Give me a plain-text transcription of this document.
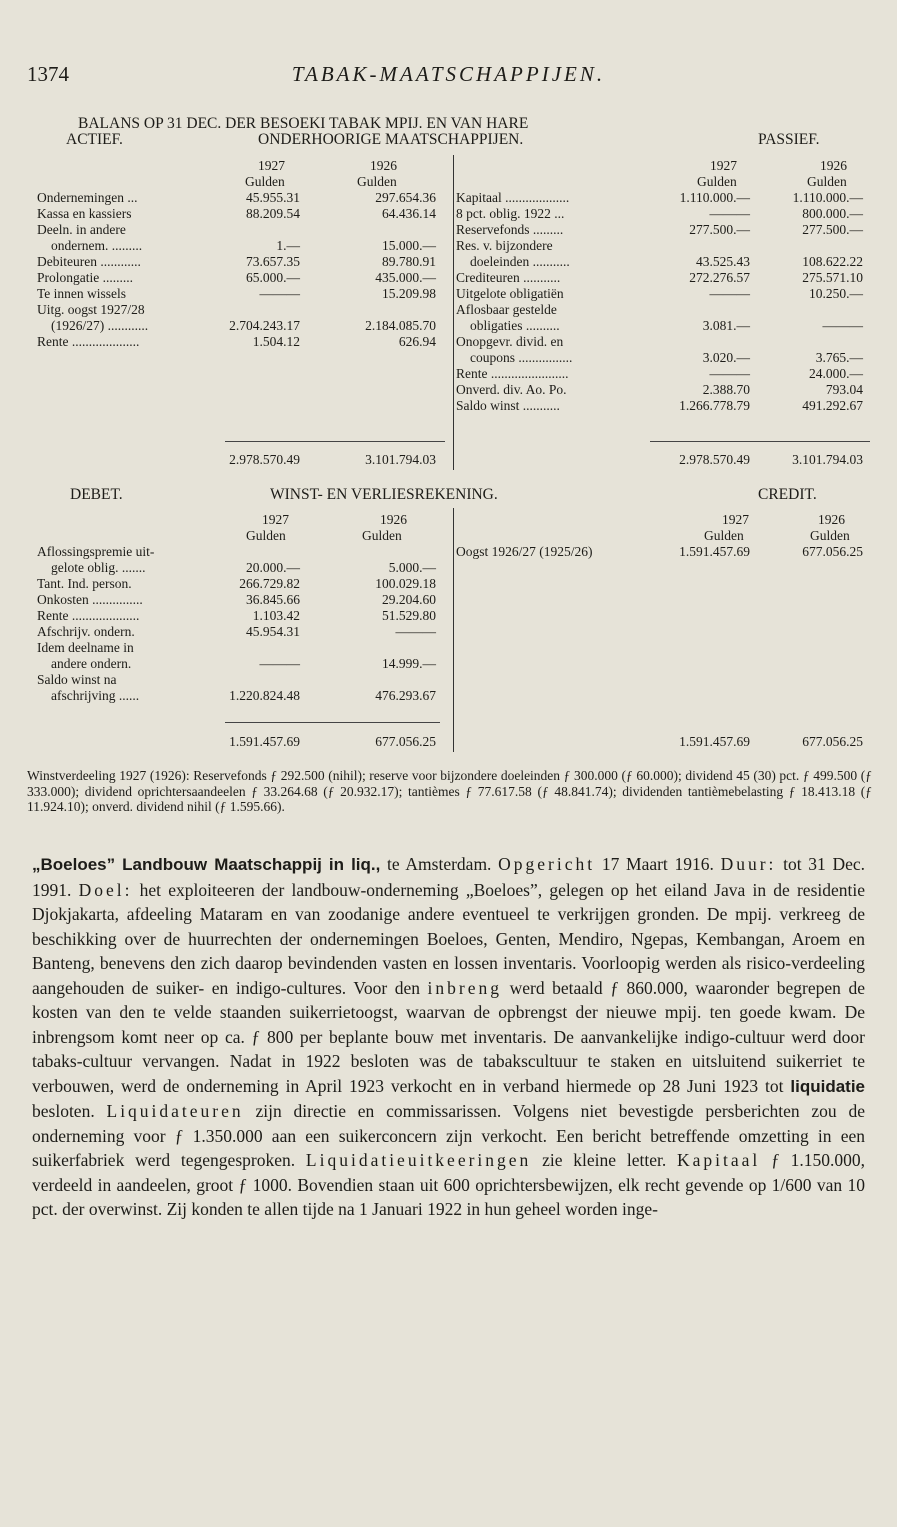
1374	TABAK-MAATSCHAPPIJEN.
BALANS OP 31 DEC. DER BESOEKI TABAK MPIJ. EN VAN HARE
ACTIEF.	ONDERHOORIGE MAATSCHAPPIJEN.	PASSIEF.
1927	1926
Gulden	Gulden
1927	1926
Gulden	Gulden
Ondernemingen ...	45.955.31	297.654.36
Kassa en kassiers	88.209.54	64.436.14
Deeln. in andere
ondernem. .........	1.—	15.000.—
Debiteuren ............	73.657.35	89.780.91
Prolongatie .........	65.000.—	435.000.—
Te innen wissels	———	15.209.98
Uitg. oogst 1927/28
(1926/27) ............	2.704.243.17	2.184.085.70
Rente ....................	1.504.12	626.94
Kapitaal ...................	1.110.000.—	1.110.000.—
8 pct. oblig. 1922 ...	———	800.000.—
Reservefonds .........	277.500.—	277.500.—
Res. v. bijzondere
doeleinden ...........	43.525.43	108.622.22
Crediteuren ...........	272.276.57	275.571.10
Uitgelote obligatiën	———	10.250.—
Aflosbaar gestelde
obligaties ..........	3.081.—	———
Onopgevr. divid. en
coupons ................	3.020.—	3.765.—
Rente .......................	———	24.000.—
Onverd. div. Ao. Po.	2.388.70	793.04
Saldo winst ...........	1.266.778.79	491.292.67
2.978.570.49	3.101.794.03	2.978.570.49	3.101.794.03
DEBET.	WINST- EN VERLIESREKENING.	CREDIT.
1927	1926
Gulden	Gulden
1927	1926
Gulden	Gulden
Aflossingspremie uit-
gelote oblig. .......	20.000.—	5.000.—
Tant. Ind. person.	266.729.82	100.029.18
Onkosten ...............	36.845.66	29.204.60
Rente ....................	1.103.42	51.529.80
Afschrijv. ondern.	45.954.31	———
Idem deelname in
andere ondern.	———	14.999.—
Saldo winst na
afschrijving ......	1.220.824.48	476.293.67
Oogst 1926/27 (1925/26)	1.591.457.69	677.056.25
1.591.457.69	677.056.25	1.591.457.69	677.056.25
Winstverdeeling 1927 (1926): Reservefonds ƒ 292.500 (nihil); reserve voor bijzondere doeleinden ƒ 300.000 (ƒ 60.000); dividend 45 (30) pct. ƒ 499.500 (ƒ 333.000); dividend oprichtersaandeelen ƒ 33.264.68 (ƒ 20.932.17); tantièmes ƒ 77.617.58 (ƒ 48.841.74); dividenden tantièmebelasting ƒ 18.413.18 (ƒ 11.924.10); onverd. dividend nihil (ƒ 1.595.66).
„Boeloes” Landbouw Maatschappij in liq., te Amsterdam. Opgericht 17 Maart 1916. Duur: tot 31 Dec. 1991. Doel: het exploiteeren der landbouw-onderneming „Boeloes”, gelegen op het eiland Java in de residentie Djokjakarta, afdeeling Mataram en van zoodanige andere eventueel te verkrijgen gronden. De mpij. verkreeg de beschikking over de huurrechten der ondernemingen Boeloes, Genten, Mendiro, Ngepas, Kembangan, Aroem en Banteng, benevens den zich daarop bevindenden vasten en lossen inventaris. Voorloopig werden als risico-verdeeling aangehouden de suiker- en indigo-cultures. Voor den inbreng werd betaald ƒ 860.000, waaronder begrepen de kosten van den te velde staanden suikerrietoogst, waarvan de opbrengst der nieuwe mpij. ten goede kwam. De inbrengsom komt neer op ca. ƒ 800 per beplante bouw met inventaris. De aanvankelijke indigo-cultuur werd door tabaks-cultuur vervangen. Nadat in 1922 besloten was de tabakscultuur te staken en uitsluitend suikerriet te verbouwen, werd de onderneming in April 1923 verkocht en in verband hiermede op 28 Juni 1923 tot liquidatie besloten. Liquidateuren zijn directie en commissarissen. Volgens niet bevestigde persberichten zou de onderneming voor ƒ 1.350.000 aan een suikerconcern zijn verkocht. Een bericht betreffende omzetting in een suikerfabriek werd tegengesproken. Liquidatieuitkeeringen zie kleine letter. Kapitaal ƒ 1.150.000, verdeeld in aandeelen, groot ƒ 1000. Bovendien staan uit 600 oprichtersbewijzen, elk recht gevende op 1/600 van 10 pct. der overwinst. Zij konden te allen tijde na 1 Januari 1922 in hun geheel worden inge-
